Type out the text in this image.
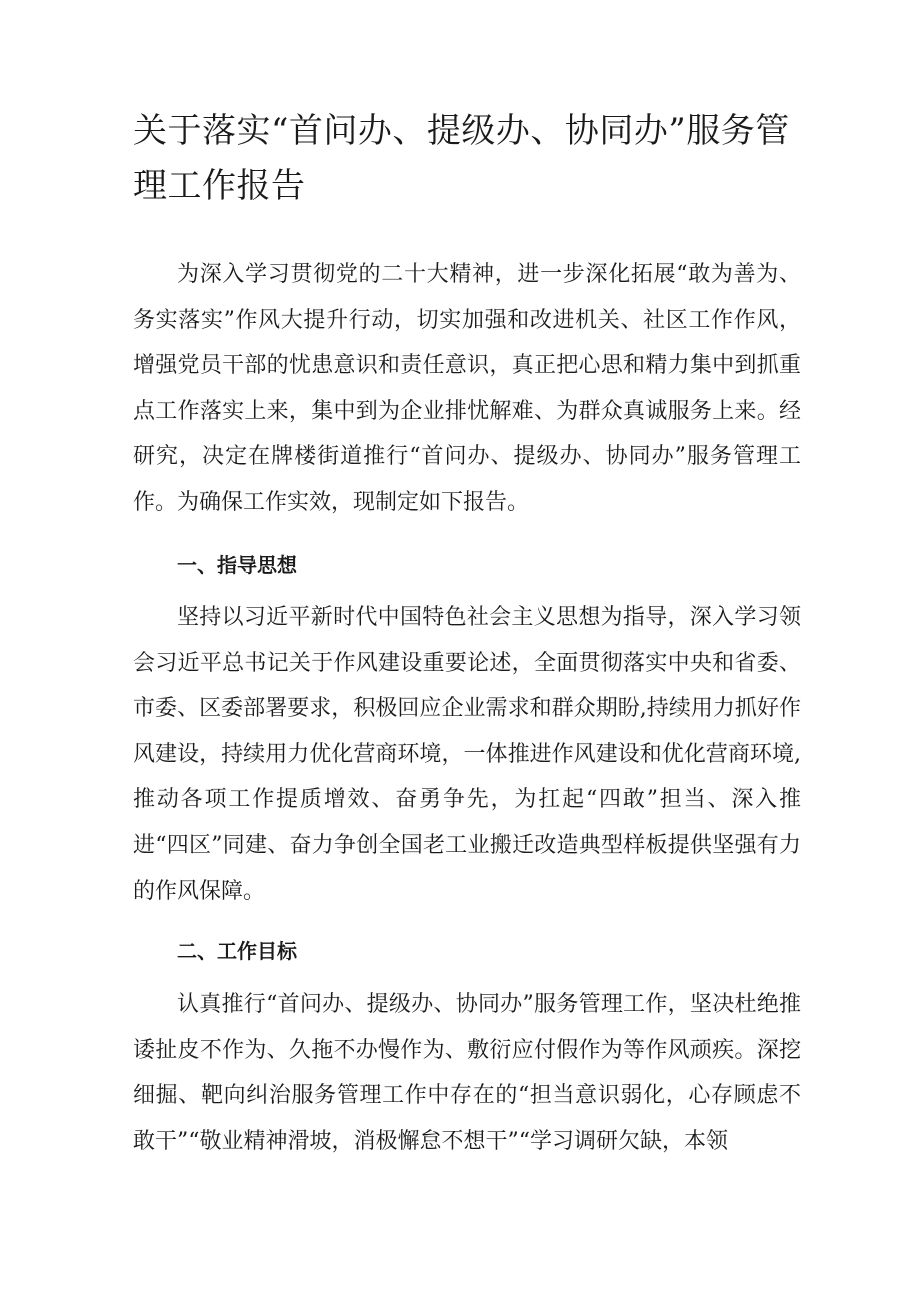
关于落实“首问办、提级办、协同办”服务管理工作报告

为深入学习贯彻党的二十大精神，进一步深化拓展“敢为善为、务实落实”作风大提升行动，切实加强和改进机关、社区工作作风，增强党员干部的忧患意识和责任意识，真正把心思和精力集中到抓重点工作落实上来，集中到为企业排忧解难、为群众真诚服务上来。经研究，决定在牌楼街道推行“首问办、提级办、协同办”服务管理工作。为确保工作实效，现制定如下报告。

一、指导思想

坚持以习近平新时代中国特色社会主义思想为指导，深入学习领会习近平总书记关于作风建设重要论述，全面贯彻落实中央和省委、市委、区委部署要求，积极回应企业需求和群众期盼,持续用力抓好作风建设，持续用力优化营商环境，一体推进作风建设和优化营商环境,推动各项工作提质增效、奋勇争先，为扛起“四敢”担当、深入推进“四区”同建、奋力争创全国老工业搬迁改造典型样板提供坚强有力的作风保障。

二、工作目标

认真推行“首问办、提级办、协同办”服务管理工作，坚决杜绝推诿扯皮不作为、久拖不办慢作为、敷衍应付假作为等作风顽疾。深挖细掘、靶向纠治服务管理工作中存在的“担当意识弱化，心存顾虑不敢干”“敬业精神滑坡，消极懈怠不想干”“学习调研欠缺，本领
